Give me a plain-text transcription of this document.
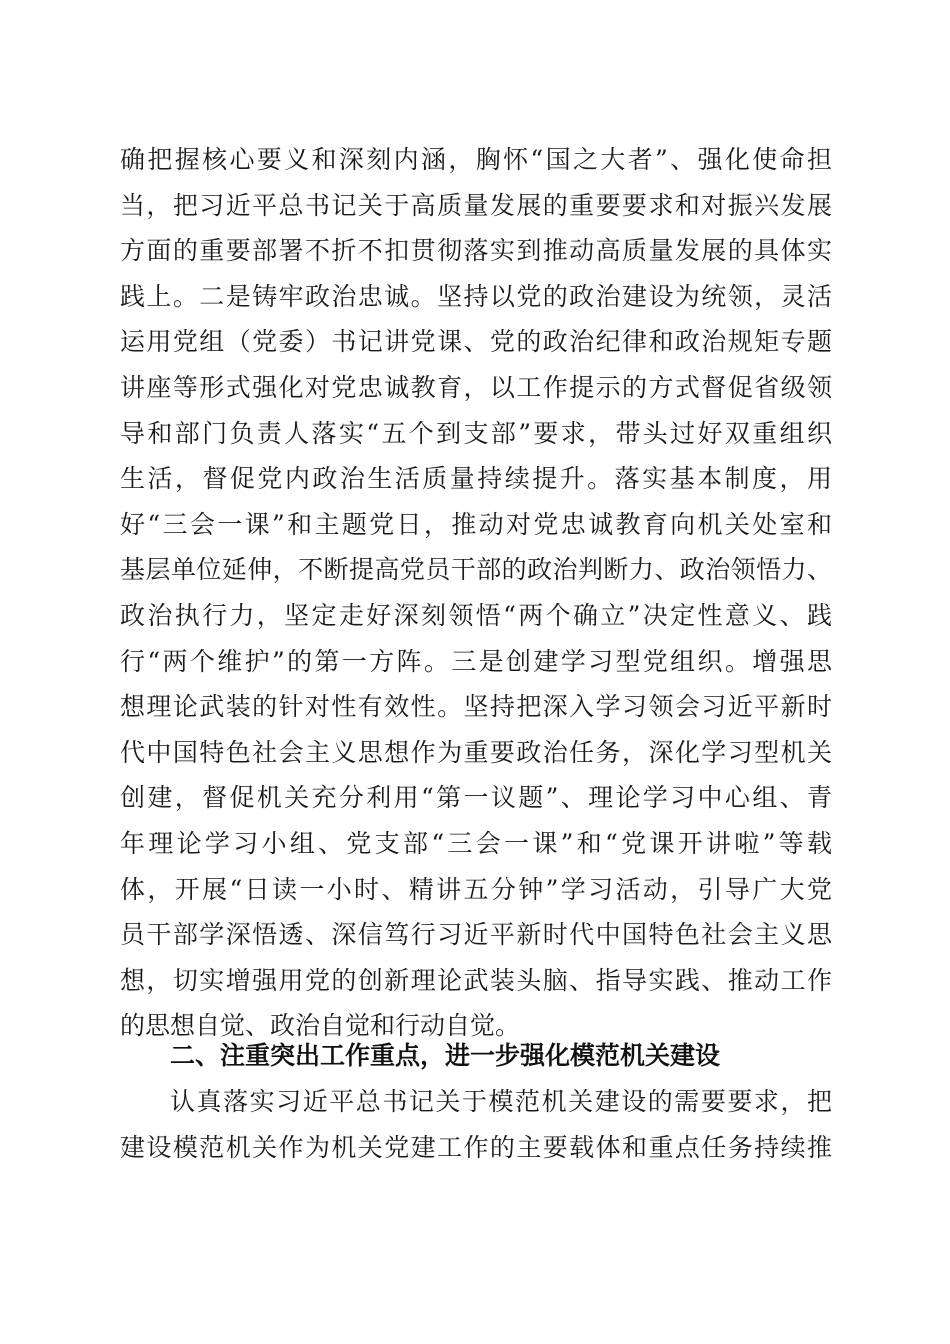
确把握核心要义和深刻内涵，胸怀“国之大者”、强化使命担
当，把习近平总书记关于高质量发展的重要要求和对振兴发展
方面的重要部署不折不扣贯彻落实到推动高质量发展的具体实
践上。二是铸牢政治忠诚。坚持以党的政治建设为统领，灵活
运用党组（党委）书记讲党课、党的政治纪律和政治规矩专题
讲座等形式强化对党忠诚教育，以工作提示的方式督促省级领
导和部门负责人落实“五个到支部”要求，带头过好双重组织
生活，督促党内政治生活质量持续提升。落实基本制度，用
好“三会一课”和主题党日，推动对党忠诚教育向机关处室和
基层单位延伸，不断提高党员干部的政治判断力、政治领悟力、
政治执行力，坚定走好深刻领悟“两个确立”决定性意义、践
行“两个维护”的第一方阵。三是创建学习型党组织。增强思
想理论武装的针对性有效性。坚持把深入学习领会习近平新时
代中国特色社会主义思想作为重要政治任务，深化学习型机关
创建，督促机关充分利用“第一议题”、理论学习中心组、青
年理论学习小组、党支部“三会一课”和“党课开讲啦”等载
体，开展“日读一小时、精讲五分钟”学习活动，引导广大党
员干部学深悟透、深信笃行习近平新时代中国特色社会主义思
想，切实增强用党的创新理论武装头脑、指导实践、推动工作
的思想自觉、政治自觉和行动自觉。
二、注重突出工作重点，进一步强化模范机关建设
认真落实习近平总书记关于模范机关建设的需要要求，把
建设模范机关作为机关党建工作的主要载体和重点任务持续推
